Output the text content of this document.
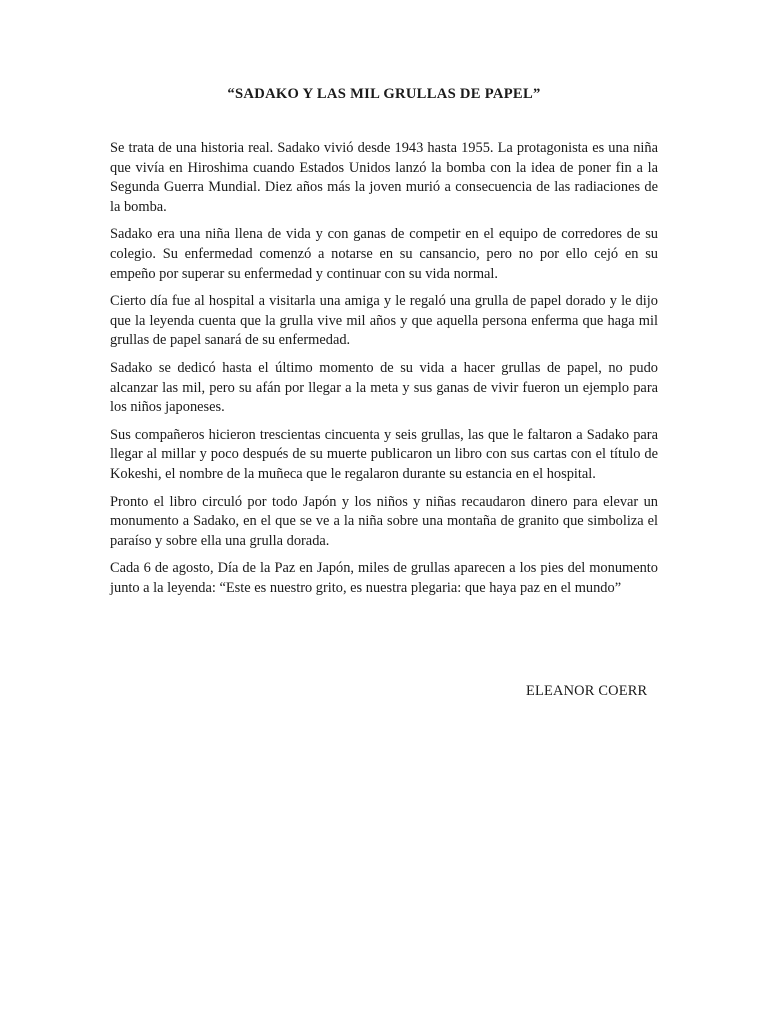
“SADAKO Y LAS MIL GRULLAS DE PAPEL”

Se trata de una historia real. Sadako vivió desde 1943 hasta 1955. La protagonista es una niña que vivía en Hiroshima cuando Estados Unidos lanzó la bomba con la idea de poner fin a la Segunda Guerra Mundial. Diez años más la joven murió a consecuencia de las radiaciones de la bomba.

Sadako era una niña llena de vida y con ganas de competir en el equipo de corredores de su colegio. Su enfermedad comenzó a notarse en su cansancio, pero no por ello cejó en su empeño por superar su enfermedad y continuar con su vida normal.

Cierto día fue al hospital a visitarla una amiga y le regaló una grulla de papel dorado y le dijo que la leyenda cuenta que la grulla vive mil años y que aquella persona enferma que haga mil grullas de papel sanará de su enfermedad.

Sadako se dedicó hasta el último momento de su vida a hacer grullas de papel, no pudo alcanzar las mil, pero su afán por llegar a la meta y sus ganas de vivir fueron un ejemplo para los niños japoneses.

Sus compañeros hicieron trescientas cincuenta y seis grullas, las que le faltaron a Sadako para llegar al millar y poco después de su muerte publicaron un libro con sus cartas con el título de Kokeshi, el nombre de la muñeca que le regalaron durante su estancia en el hospital.

Pronto el libro circuló por todo Japón y los niños y niñas recaudaron dinero para elevar un monumento a Sadako, en el que se ve a la niña sobre una montaña de granito que simboliza el paraíso y sobre ella una grulla dorada.

Cada 6 de agosto, Día de la Paz en Japón, miles de grullas aparecen a los pies del monumento junto a la leyenda: “Este es nuestro grito, es nuestra plegaria: que haya paz en el mundo”

ELEANOR COERR
